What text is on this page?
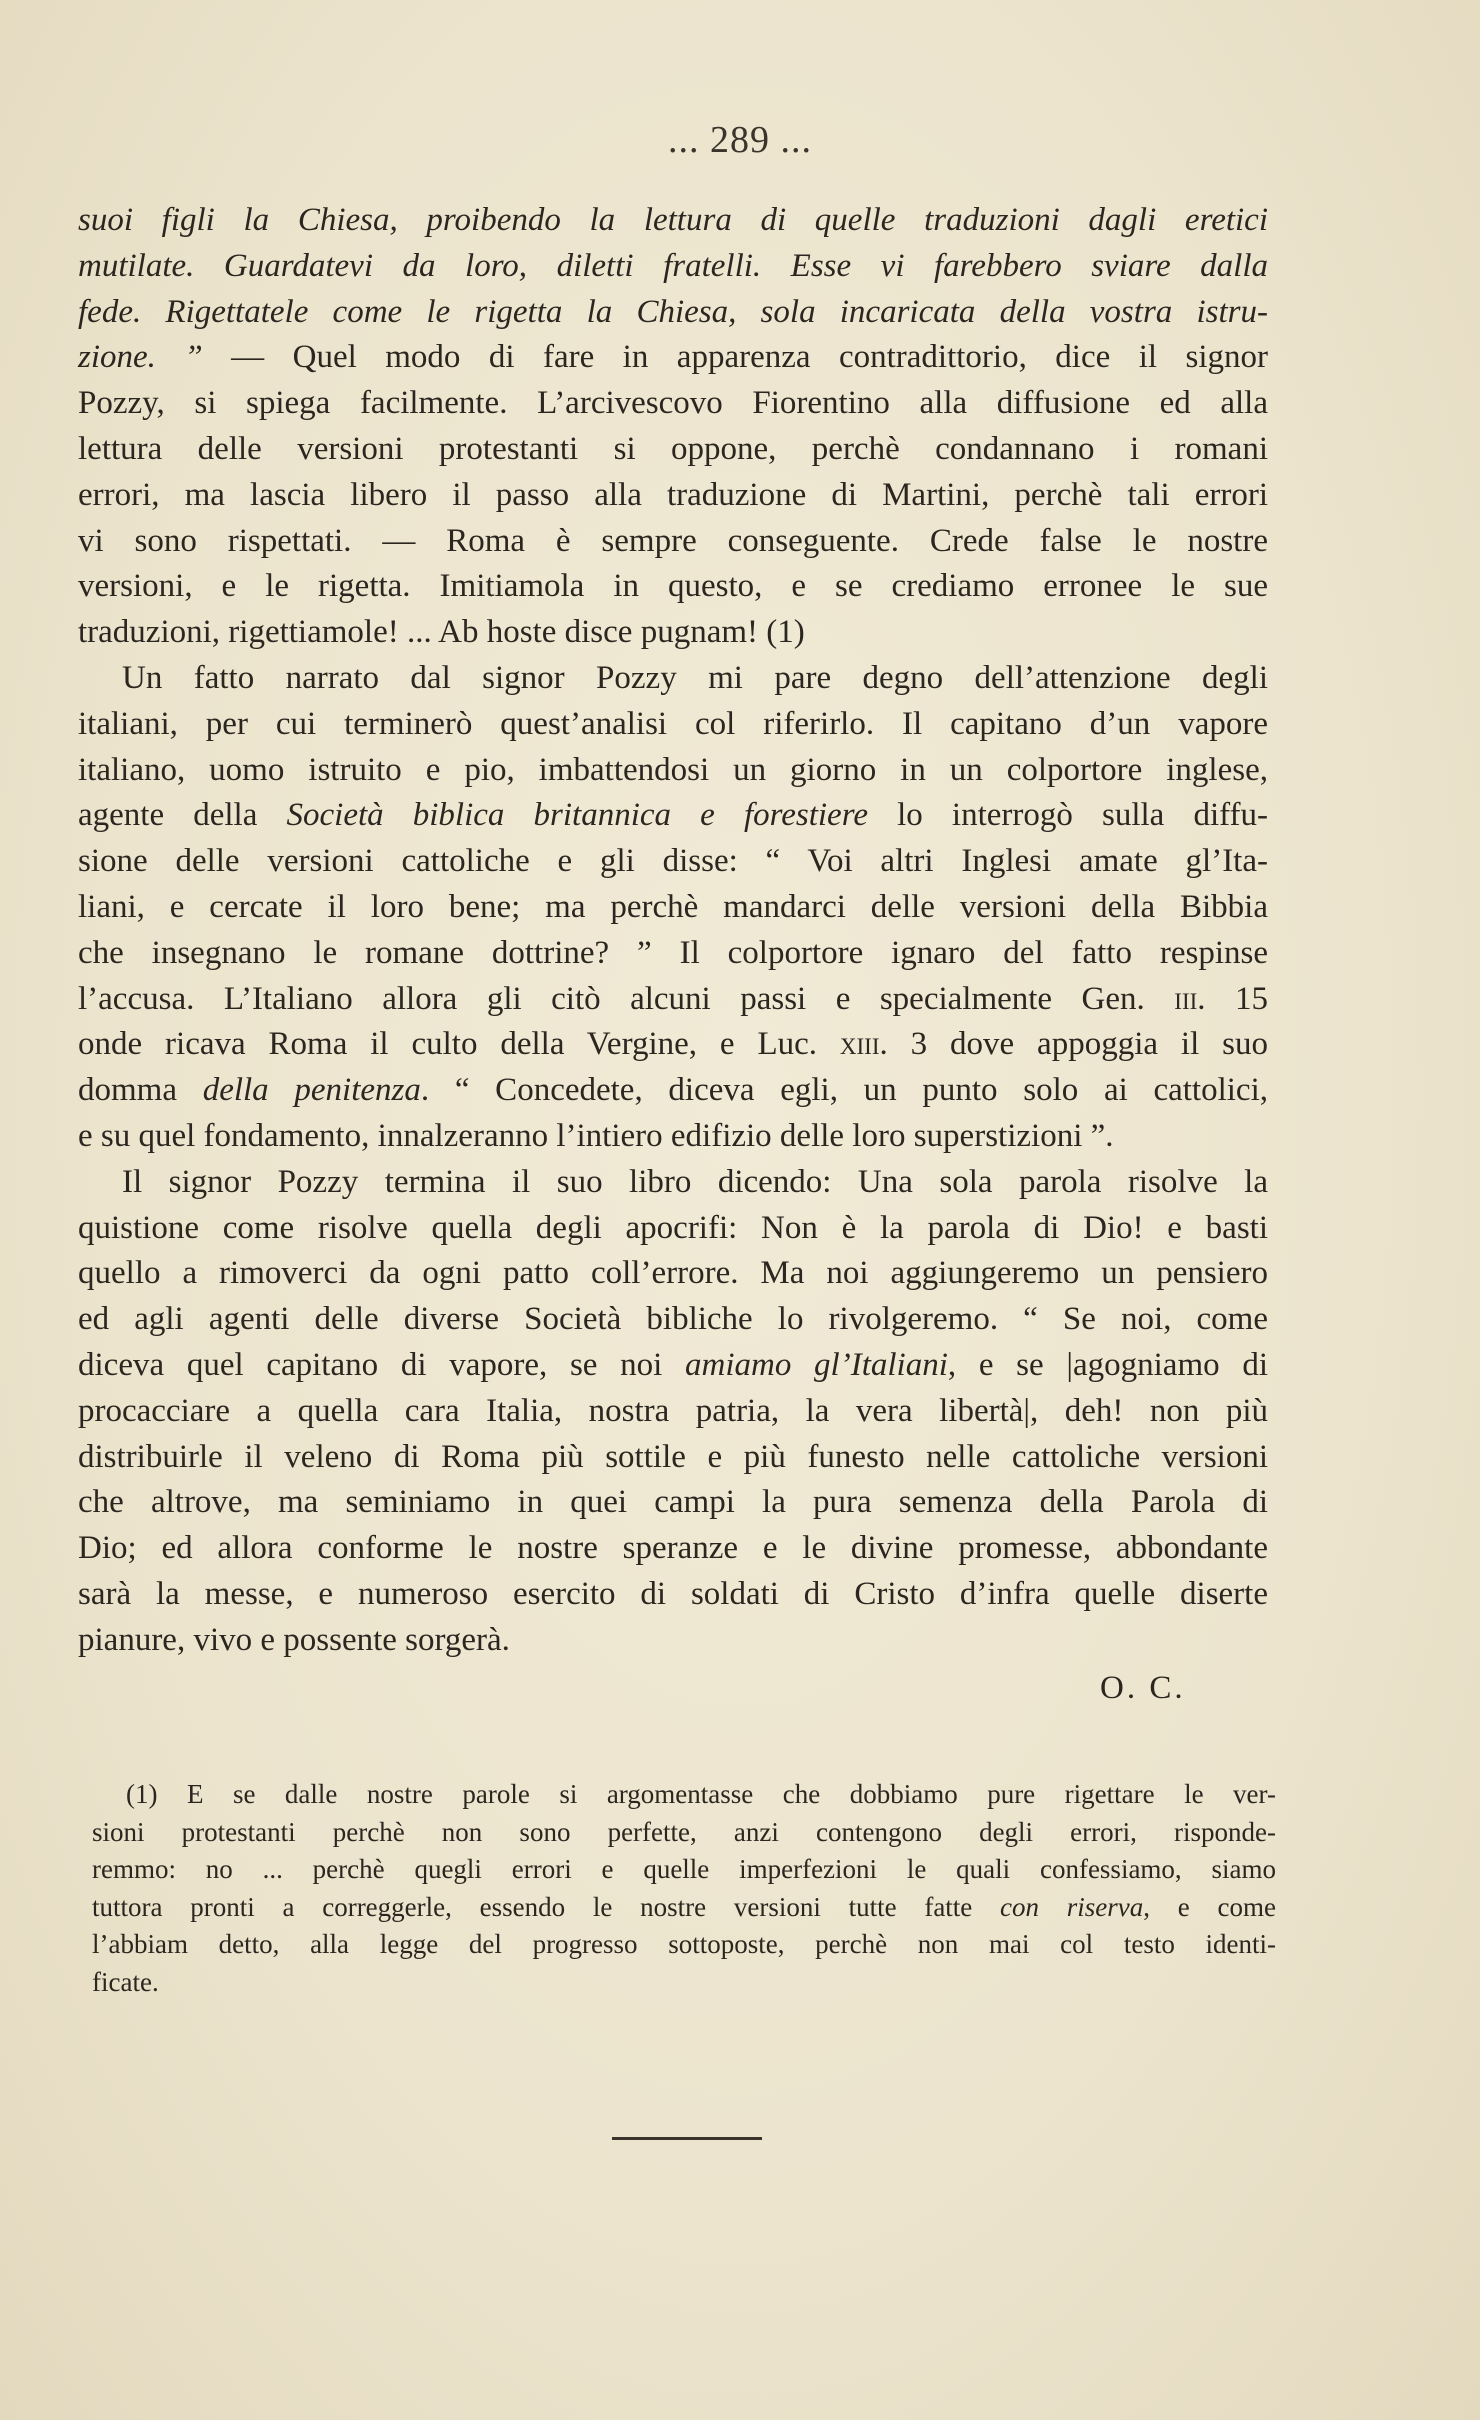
... 289 ...
suoi figli la Chiesa, proibendo la lettura di quelle traduzioni dagli eretici
mutilate. Guardatevi da loro, diletti fratelli. Esse vi farebbero sviare dalla
fede. Rigettatele come le rigetta la Chiesa, sola incaricata della vostra istru-
zione. ” — Quel modo di fare in apparenza contradittorio, dice il signor
Pozzy, si spiega facilmente. L’arcivescovo Fiorentino alla diffusione ed alla
lettura delle versioni protestanti si oppone, perchè condannano i romani
errori, ma lascia libero il passo alla traduzione di Martini, perchè tali errori
vi sono rispettati. — Roma è sempre conseguente. Crede false le nostre
versioni, e le rigetta. Imitiamola in questo, e se crediamo erronee le sue
traduzioni, rigettiamole! ... Ab hoste disce pugnam! (1)
Un fatto narrato dal signor Pozzy mi pare degno dell’attenzione degli
italiani, per cui terminerò quest’analisi col riferirlo. Il capitano d’un vapore
italiano, uomo istruito e pio, imbattendosi un giorno in un colportore inglese,
agente della Società biblica britannica e forestiere lo interrogò sulla diffu-
sione delle versioni cattoliche e gli disse: “ Voi altri Inglesi amate gl’Ita-
liani, e cercate il loro bene; ma perchè mandarci delle versioni della Bibbia
che insegnano le romane dottrine? ” Il colportore ignaro del fatto respinse
l’accusa. L’Italiano allora gli citò alcuni passi e specialmente Gen. iii. 15
onde ricava Roma il culto della Vergine, e Luc. xiii. 3 dove appoggia il suo
domma della penitenza. “ Concedete, diceva egli, un punto solo ai cattolici,
e su quel fondamento, innalzeranno l’intiero edifizio delle loro superstizioni ”.
Il signor Pozzy termina il suo libro dicendo: Una sola parola risolve la
quistione come risolve quella degli apocrifi: Non è la parola di Dio! e basti
quello a rimoverci da ogni patto coll’errore. Ma noi aggiungeremo un pensiero
ed agli agenti delle diverse Società bibliche lo rivolgeremo. “ Se noi, come
diceva quel capitano di vapore, se noi amiamo gl’Italiani, e se |agogniamo di
procacciare a quella cara Italia, nostra patria, la vera libertà|, deh! non più
distribuirle il veleno di Roma più sottile e più funesto nelle cattoliche versioni
che altrove, ma seminiamo in quei campi la pura semenza della Parola di
Dio; ed allora conforme le nostre speranze e le divine promesse, abbondante
sarà la messe, e numeroso esercito di soldati di Cristo d’infra quelle diserte
pianure, vivo e possente sorgerà.
O. C.
(1) E se dalle nostre parole si argomentasse che dobbiamo pure rigettare le ver-
sioni protestanti perchè non sono perfette, anzi contengono degli errori, risponde-
remmo: no ... perchè quegli errori e quelle imperfezioni le quali confessiamo, siamo
tuttora pronti a correggerle, essendo le nostre versioni tutte fatte con riserva, e come
l’abbiam detto, alla legge del progresso sottoposte, perchè non mai col testo identi-
ficate.
